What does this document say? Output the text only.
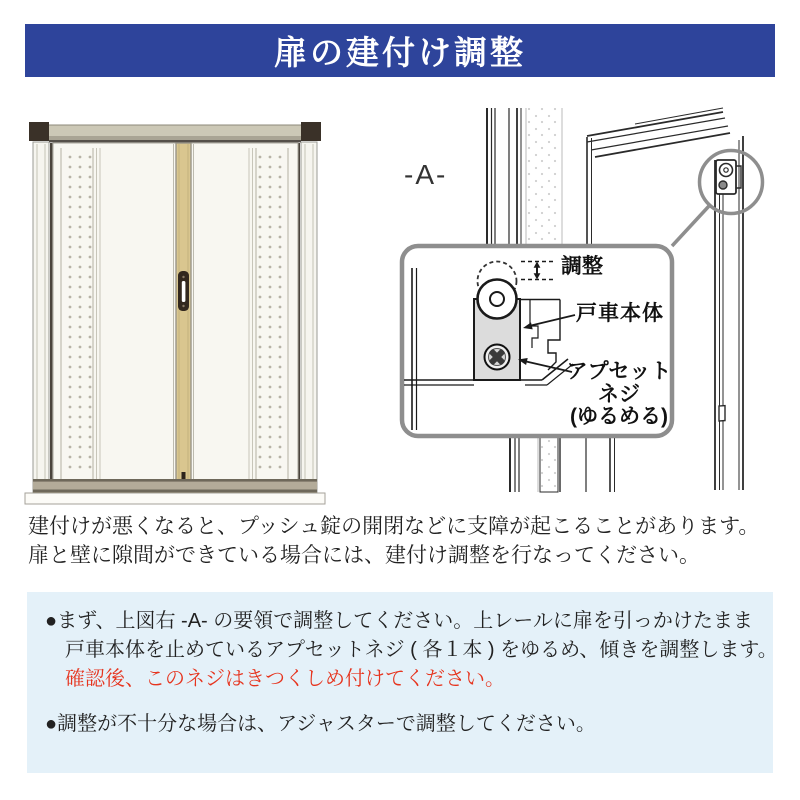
扉の建付け調整
-A-
調整
戸車本体
アプセット
ネジ
(ゆるめる)
建付けが悪くなると、プッシュ錠の開閉などに支障が起こることがあります。
扉と壁に隙間ができている場合には、建付け調整を行なってください。
●まず、上図右 -A- の要領で調整してください。上レールに扉を引っかけたまま
戸車本体を止めているアプセットネジ ( 各１本 ) をゆるめ、傾きを調整します。
確認後、このネジはきつくしめ付けてください。
●調整が不十分な場合は、アジャスターで調整してください。
